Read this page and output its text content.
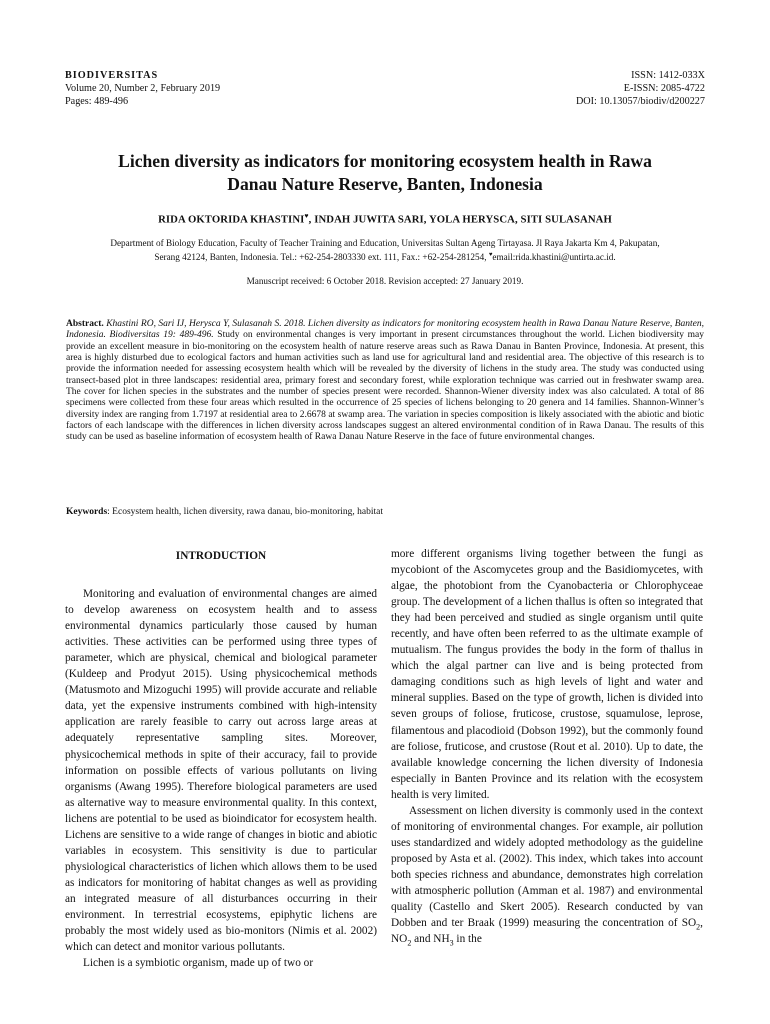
BIODIVERSITAS
Volume 20, Number 2, February 2019
Pages: 489-496
ISSN: 1412-033X
E-ISSN: 2085-4722
DOI: 10.13057/biodiv/d200227
Lichen diversity as indicators for monitoring ecosystem health in Rawa
Danau Nature Reserve, Banten, Indonesia
RIDA OKTORIDA KHASTINI♥, INDAH JUWITA SARI, YOLA HERYSCA, SITI SULASANAH
Department of Biology Education, Faculty of Teacher Training and Education, Universitas Sultan Ageng Tirtayasa. Jl Raya Jakarta Km 4, Pakupatan,
Serang 42124, Banten, Indonesia. Tel.: +62-254-2803330 ext. 111, Fax.: +62-254-281254, ♥email:rida.khastini@untirta.ac.id.
Manuscript received: 6 October 2018. Revision accepted: 27 January 2019.
Abstract. Khastini RO, Sari IJ, Herysca Y, Sulasanah S. 2018. Lichen diversity as indicators for monitoring ecosystem health in Rawa Danau Nature Reserve, Banten, Indonesia. Biodiversitas 19: 489-496. Study on environmental changes is very important in present circumstances throughout the world. Lichen biodiversity may provide an excellent measure in bio-monitoring on the ecosystem health of nature reserve areas such as Rawa Danau in Banten Province, Indonesia. At present, this area is highly disturbed due to ecological factors and human activities such as land use for agricultural land and residential area. The objective of this research is to provide the information needed for assessing ecosystem health which will be revealed by the diversity of lichens in the study area. The study was conducted using transect-based plot in three landscapes: residential area, primary forest and secondary forest, while exploration technique was carried out in freshwater swamp area. The cover for lichen species in the substrates and the number of species present were recorded. Shannon-Wiener diversity index was also calculated. A total of 86 specimens were collected from these four areas which resulted in the occurrence of 25 species of lichens belonging to 20 genera and 14 families. Shannon-Winner’s diversity index are ranging from 1.7197 at residential area to 2.6678 at swamp area. The variation in species composition is likely associated with the abiotic and biotic factors of each landscape with the differences in lichen diversity across landscapes suggest an altered environmental condition of in Rawa Danau. The results of this study can be used as baseline information of ecosystem health of Rawa Danau Nature Reserve in the face of future environmental changes.
Keywords: Ecosystem health, lichen diversity, rawa danau, bio-monitoring, habitat
INTRODUCTION

Monitoring and evaluation of environmental changes are aimed to develop awareness on ecosystem health and to assess environmental dynamics particularly those caused by human activities. These activities can be performed using three types of parameter, which are physical, chemical and biological parameter (Kuldeep and Prodyut 2015). Using physicochemical methods (Matusmoto and Mizoguchi 1995) will provide accurate and reliable data, yet the expensive instruments combined with high-intensity application are rarely feasible to carry out across large areas at adequately representative sampling sites. Moreover, physicochemical methods in spite of their accuracy, fail to provide information on possible effects of various pollutants on living organisms (Awang 1995). Therefore biological parameters are used as alternative way to measure environmental quality. In this context, lichens are potential to be used as bioindicator for ecosystem health. Lichens are sensitive to a wide range of changes in biotic and abiotic variables in ecosystem. This sensitivity is due to particular physiological characteristics of lichen which allows them to be used as indicators for monitoring of habitat changes as well as providing an integrated measure of all disturbances occurring in their environment. In terrestrial ecosystems, epiphytic lichens are probably the most widely used as bio-monitors (Nimis et al. 2002) which can detect and monitor various pollutants.

Lichen is a symbiotic organism, made up of two or

more different organisms living together between the fungi as mycobiont of the Ascomycetes group and the Basidiomycetes, with algae, the photobiont from the Cyanobacteria or Chlorophyceae group. The development of a lichen thallus is often so integrated that they had been perceived and studied as single organism until quite recently, and have often been referred to as the ultimate example of mutualism. The fungus provides the body in the form of thallus in which the algal partner can live and is being protected from damaging conditions such as high levels of light and water and mineral supplies. Based on the type of growth, lichen is divided into seven groups of foliose, fruticose, crustose, squamulose, leprose, filamentous and placodioid (Dobson 1992), but the commonly found are foliose, fruticose, and crustose (Rout et al. 2010). Up to date, the available knowledge concerning the lichen diversity of Indonesia especially in Banten Province and its relation with the ecosystem health is very limited.

Assessment on lichen diversity is commonly used in the context of monitoring of environmental changes. For example, air pollution uses standardized and widely adopted methodology as the guideline proposed by Asta et al. (2002). This index, which takes into account both species richness and abundance, demonstrates high correlation with atmospheric pollution (Amman et al. 1987) and environmental quality (Castello and Skert 2005). Research conducted by van Dobben and ter Braak (1999) measuring the concentration of $SO_2$, $NO_2$ and $NH_3$ in the
